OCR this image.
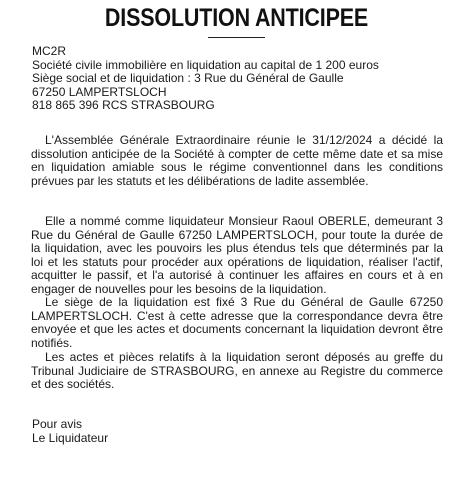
DISSOLUTION ANTICIPEE
MC2R
Société civile immobilière en liquidation au capital de 1 200 euros
Siège social et de liquidation : 3 Rue du Général de Gaulle
67250 LAMPERTSLOCH
818 865 396 RCS STRASBOURG

L'Assemblée Générale Extraordinaire réunie le 31/12/2024 a décidé la dissolution anticipée de la Société à compter de cette même date et sa mise en liquidation amiable sous le régime conventionnel dans les conditions prévues par les statuts et les délibérations de ladite assemblée.

Elle a nommé comme liquidateur Monsieur Raoul OBERLE, demeurant 3 Rue du Général de Gaulle 67250 LAMPERTSLOCH, pour toute la durée de la liquidation, avec les pouvoirs les plus étendus tels que déterminés par la loi et les statuts pour procéder aux opérations de liquidation, réaliser l'actif, acquitter le passif, et l'a autorisé à continuer les affaires en cours et à en engager de nouvelles pour les besoins de la liquidation.

Le siège de la liquidation est fixé 3 Rue du Général de Gaulle 67250 LAMPERTSLOCH. C'est à cette adresse que la correspondance devra être envoyée et que les actes et documents concernant la liquidation devront être notifiés.

Les actes et pièces relatifs à la liquidation seront déposés au greffe du Tribunal Judiciaire de STRASBOURG, en annexe au Registre du commerce et des sociétés.

Pour avis
Le Liquidateur
